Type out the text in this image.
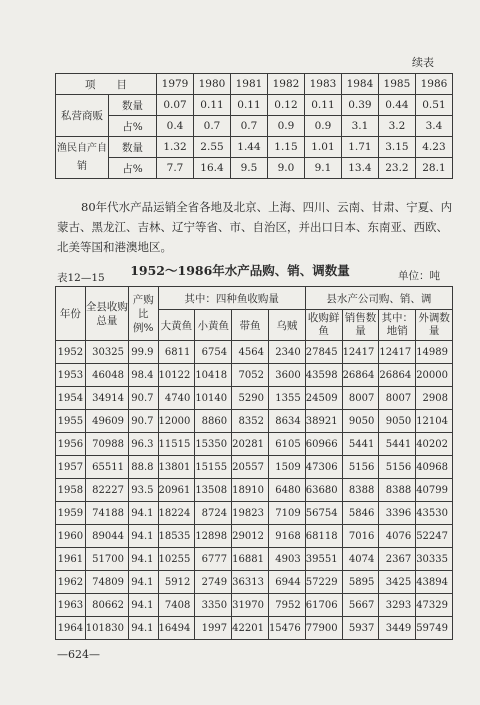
续表
项　　目		1979	1980	1981	1982	1983	1984	1985	1986
私营商贩	数量	0.07	0.11	0.11	0.12	0.11	0.39	0.44	0.51
	占%	0.4	0.7	0.7	0.9	0.9	3.1	3.2	3.4
渔民自产自销	数量	1.32	2.55	1.44	1.15	1.01	1.71	3.15	4.23
	占%	7.7	16.4	9.5	9.0	9.1	13.4	23.2	28.1
80年代水产品运销全省各地及北京、上海、四川、云南、甘肃、宁夏、内蒙古、黑龙江、吉林、辽宁等省、市、自治区，并出口日本、东南亚、西欧、北美等国和港澳地区。
1952～1986年水产品购、销、调数量
表12—15	单位：吨
年份	全县收购总量	产购比例%	其中：四种鱼收购量				县水产公司购、销、调			
			大黄鱼	小黄鱼	带鱼	乌贼	收购鲜鱼	销售数量	其中：地销	外调数量
1952	30325	99.9	6811	6754	4564	2340	27845	12417	12417	14989
1953	46048	98.4	10122	10418	7052	3600	43598	26864	26864	20000
1954	34914	90.7	4740	10140	5290	1355	24509	8007	8007	2908
1955	49609	90.7	12000	8860	8352	8634	38921	9050	9050	12104
1956	70988	96.3	11515	15350	20281	6105	60966	5441	5441	40202
1957	65511	88.8	13801	15155	20557	1509	47306	5156	5156	40968
1958	82227	93.5	20961	13508	18910	6480	63680	8388	8388	40799
1959	74188	94.1	18224	8724	19823	7109	56754	5846	3396	43530
1960	89044	94.1	18535	12898	29012	9168	68118	7016	4076	52247
1961	51700	94.1	10255	6777	16881	4903	39551	4074	2367	30335
1962	74809	94.1	5912	2749	36313	6944	57229	5895	3425	43894
1963	80662	94.1	7408	3350	31970	7952	61706	5667	3293	47329
1964	101830	94.1	16494	1997	42201	15476	77900	5937	3449	59749
—624—
